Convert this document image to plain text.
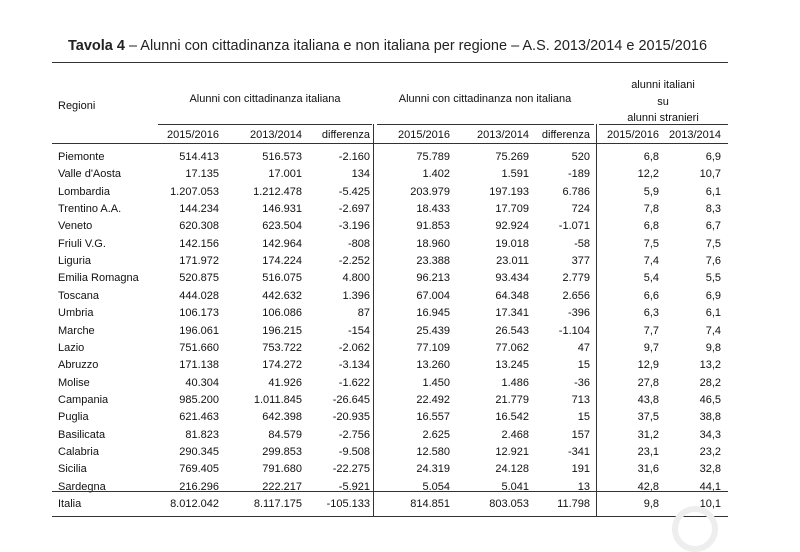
Tavola 4 – Alunni con cittadinanza italiana e non italiana per regione – A.S. 2013/2014 e 2015/2016
Regioni
Alunni con cittadinanza italiana	Alunni con cittadinanza non italiana
alunni italiani
su
alunni stranieri
2015/2016	2013/2014 differenza	2015/2016 2013/2014 differenza 2015/2016 2013/2014
Piemonte	514.413	516.573	-2.160	75.789	75.269	520	6,8	6,9
Valle d'Aosta	17.135	17.001	134	1.402	1.591	-189	12,2	10,7
Lombardia	1.207.053	1.212.478	-5.425	203.979	197.193	6.786	5,9	6,1
Trentino A.A.	144.234	146.931	-2.697	18.433	17.709	724	7,8	8,3
Veneto	620.308	623.504	-3.196	91.853	92.924	-1.071	6,8	6,7
Friuli V.G.	142.156	142.964	-808	18.960	19.018	-58	7,5	7,5
Liguria	171.972	174.224	-2.252	23.388	23.011	377	7,4	7,6
Emilia Romagna	520.875	516.075	4.800	96.213	93.434	2.779	5,4	5,5
Toscana	444.028	442.632	1.396	67.004	64.348	2.656	6,6	6,9
Umbria	106.173	106.086	87	16.945	17.341	-396	6,3	6,1
Marche	196.061	196.215	-154	25.439	26.543	-1.104	7,7	7,4
Lazio	751.660	753.722	-2.062	77.109	77.062	47	9,7	9,8
Abruzzo	171.138	174.272	-3.134	13.260	13.245	15	12,9	13,2
Molise	40.304	41.926	-1.622	1.450	1.486	-36	27,8	28,2
Campania	985.200	1.011.845	-26.645	22.492	21.779	713	43,8	46,5
Puglia	621.463	642.398	-20.935	16.557	16.542	15	37,5	38,8
Basilicata	81.823	84.579	-2.756	2.625	2.468	157	31,2	34,3
Calabria	290.345	299.853	-9.508	12.580	12.921	-341	23,1	23,2
Sicilia	769.405	791.680	-22.275	24.319	24.128	191	31,6	32,8
Sardegna	216.296	222.217	-5.921	5.054	5.041	13	42,8	44,1
Italia	8.012.042	8.117.175 -105.133	814.851	803.053	11.798	9,8	10,1
